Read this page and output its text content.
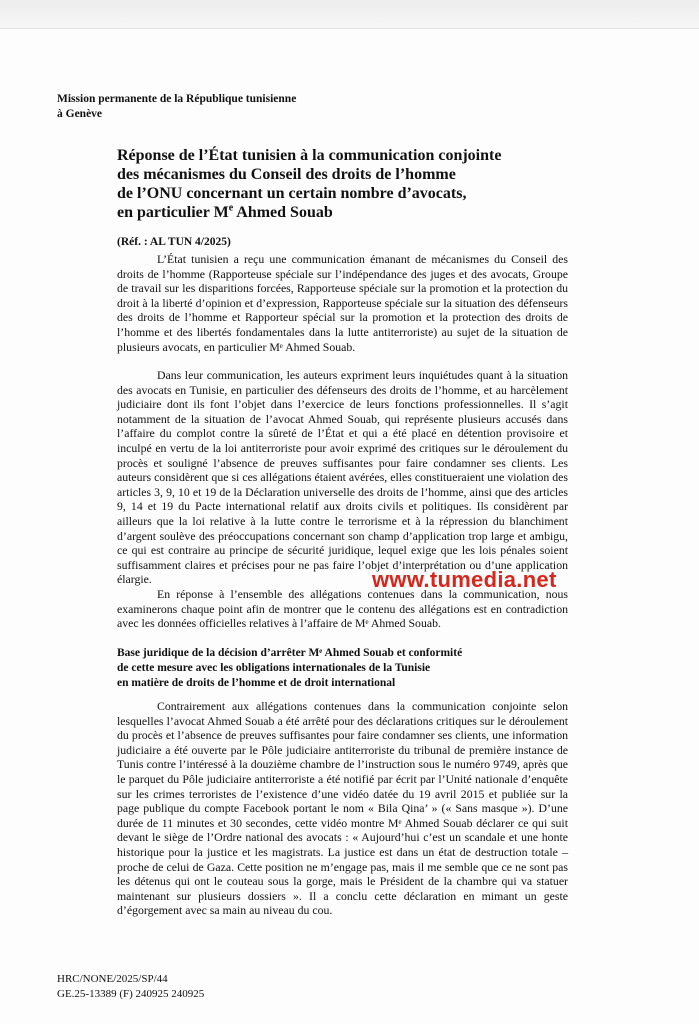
Mission permanente de la République tunisienne
à Genève
Réponse de l’État tunisien à la communication conjointe
des mécanismes du Conseil des droits de l’homme
de l’ONU concernant un certain nombre d’avocats,
en particulier Me Ahmed Souab
(Réf. : AL TUN 4/2025)

L’État tunisien a reçu une communication émanant de mécanismes du Conseil des droits de l’homme (Rapporteuse spéciale sur l’indépendance des juges et des avocats, Groupe de travail sur les disparitions forcées, Rapporteuse spéciale sur la promotion et la protection du droit à la liberté d’opinion et d’expression, Rapporteuse spéciale sur la situation des défenseurs des droits de l’homme et Rapporteur spécial sur la promotion et la protection des droits de l’homme et des libertés fondamentales dans la lutte antiterroriste) au sujet de la situation de plusieurs avocats, en particulier Mᵉ Ahmed Souab.

Dans leur communication, les auteurs expriment leurs inquiétudes quant à la situation des avocats en Tunisie, en particulier des défenseurs des droits de l’homme, et au harcèlement judiciaire dont ils font l’objet dans l’exercice de leurs fonctions professionnelles. Il s’agit notamment de la situation de l’avocat Ahmed Souab, qui représente plusieurs accusés dans l’affaire du complot contre la sûreté de l’État et qui a été placé en détention provisoire et inculpé en vertu de la loi antiterroriste pour avoir exprimé des critiques sur le déroulement du procès et souligné l’absence de preuves suffisantes pour faire condamner ses clients. Les auteurs considèrent que si ces allégations étaient avérées, elles constitueraient une violation des articles 3, 9, 10 et 19 de la Déclaration universelle des droits de l’homme, ainsi que des articles 9, 14 et 19 du Pacte international relatif aux droits civils et politiques. Ils considèrent par ailleurs que la loi relative à la lutte contre le terrorisme et à la répression du blanchiment d’argent soulève des préoccupations concernant son champ d’application trop large et ambigu, ce qui est contraire au principe de sécurité juridique, lequel exige que les lois pénales soient suffisamment claires et précises pour ne pas faire l’objet d’interprétation ou d’une application élargie.

En réponse à l’ensemble des allégations contenues dans la communication, nous examinerons chaque point afin de montrer que le contenu des allégations est en contradiction avec les données officielles relatives à l’affaire de Mᵉ Ahmed Souab.

Base juridique de la décision d’arrêter Mᵉ Ahmed Souab et conformité
de cette mesure avec les obligations internationales de la Tunisie
en matière de droits de l’homme et de droit international

Contrairement aux allégations contenues dans la communication conjointe selon lesquelles l’avocat Ahmed Souab a été arrêté pour des déclarations critiques sur le déroulement du procès et l’absence de preuves suffisantes pour faire condamner ses clients, une information judiciaire a été ouverte par le Pôle judiciaire antiterroriste du tribunal de première instance de Tunis contre l’intéressé à la douzième chambre de l’instruction sous le numéro 9749, après que le parquet du Pôle judiciaire antiterroriste a été notifié par écrit par l’Unité nationale d’enquête sur les crimes terroristes de l’existence d’une vidéo datée du 19 avril 2015 et publiée sur la page publique du compte Facebook portant le nom « Bila Qina’ » (« Sans masque »). D’une durée de 11 minutes et 30 secondes, cette vidéo montre Mᵉ Ahmed Souab déclarer ce qui suit devant le siège de l’Ordre national des avocats : « Aujourd’hui c’est un scandale et une honte historique pour la justice et les magistrats. La justice est dans un état de destruction totale – proche de celui de Gaza. Cette position ne m’engage pas, mais il me semble que ce ne sont pas les détenus qui ont le couteau sous la gorge, mais le Président de la chambre qui va statuer maintenant sur plusieurs dossiers ». Il a conclu cette déclaration en mimant un geste d’égorgement avec sa main au niveau du cou.

www.tumedia.net
HRC/NONE/2025/SP/44
GE.25-13389 (F) 240925 240925
